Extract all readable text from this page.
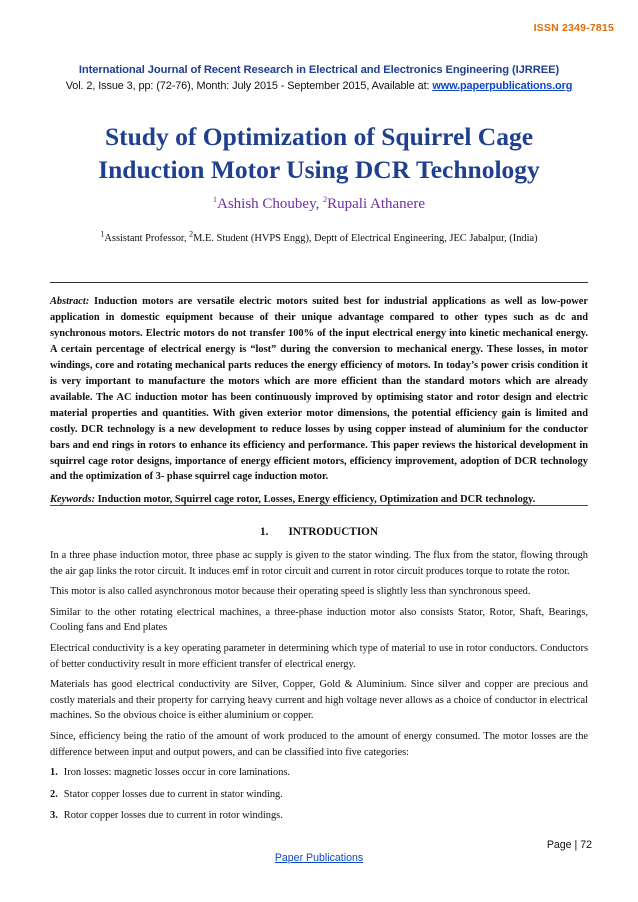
ISSN 2349-7815
International Journal of Recent Research in Electrical and Electronics Engineering (IJRREE)
Vol. 2, Issue 3, pp: (72-76), Month: July 2015 - September 2015, Available at: www.paperpublications.org
Study of Optimization of Squirrel Cage
Induction Motor Using DCR Technology
$^1$Ashish Choubey, $^2$Rupali Athanere
$^1$Assistant Professor, $^2$M.E. Student (HVPS Engg), Deptt of Electrical Engineering, JEC Jabalpur, (India)

Abstract: Induction motors are versatile electric motors suited best for industrial applications as well as low-power application in domestic equipment because of their unique advantage compared to other types such as dc and synchronous motors. Electric motors do not transfer 100% of the input electrical energy into kinetic mechanical energy. A certain percentage of electrical energy is “lost” during the conversion to mechanical energy. These losses, in motor windings, core and rotating mechanical parts reduces the energy efficiency of motors. In today’s power crisis condition it is very important to manufacture the motors which are more efficient than the standard motors which are already available. The AC induction motor has been continuously improved by optimising stator and rotor design and electric material properties and quantities. With given exterior motor dimensions, the potential efficiency gain is limited and costly. DCR technology is a new development to reduce losses by using copper instead of aluminium for the conductor bars and end rings in rotors to enhance its efficiency and performance. This paper reviews the historical development in squirrel cage rotor designs, importance of energy efficient motors, efficiency improvement, adoption of DCR technology and the optimization of 3- phase squirrel cage induction motor.

Keywords: Induction motor, Squirrel cage rotor, Losses, Energy efficiency, Optimization and DCR technology.

1. INTRODUCTION

In a three phase induction motor, three phase ac supply is given to the stator winding. The flux from the stator, flowing through the air gap links the rotor circuit. It induces emf in rotor circuit and current in rotor circuit produces torque to rotate the rotor.

This motor is also called asynchronous motor because their operating speed is slightly less than synchronous speed.

Similar to the other rotating electrical machines, a three-phase induction motor also consists Stator, Rotor, Shaft, Bearings, Cooling fans and End plates

Electrical conductivity is a key operating parameter in determining which type of material to use in rotor conductors. Conductors of better conductivity result in more efficient transfer of electrical energy.

Materials has good electrical conductivity are Silver, Copper, Gold & Aluminium. Since silver and copper are precious and costly materials and their property for carrying heavy current and high voltage never allows as a choice of conductor in electrical machines. So the obvious choice is either aluminium or copper.

Since, efficiency being the ratio of the amount of work produced to the amount of energy consumed. The motor losses are the difference between input and output powers, and can be classified into five categories:

1. Iron losses: magnetic losses occur in core laminations.
2. Stator copper losses due to current in stator winding.
3. Rotor copper losses due to current in rotor windings.
Page | 72
Paper Publications
